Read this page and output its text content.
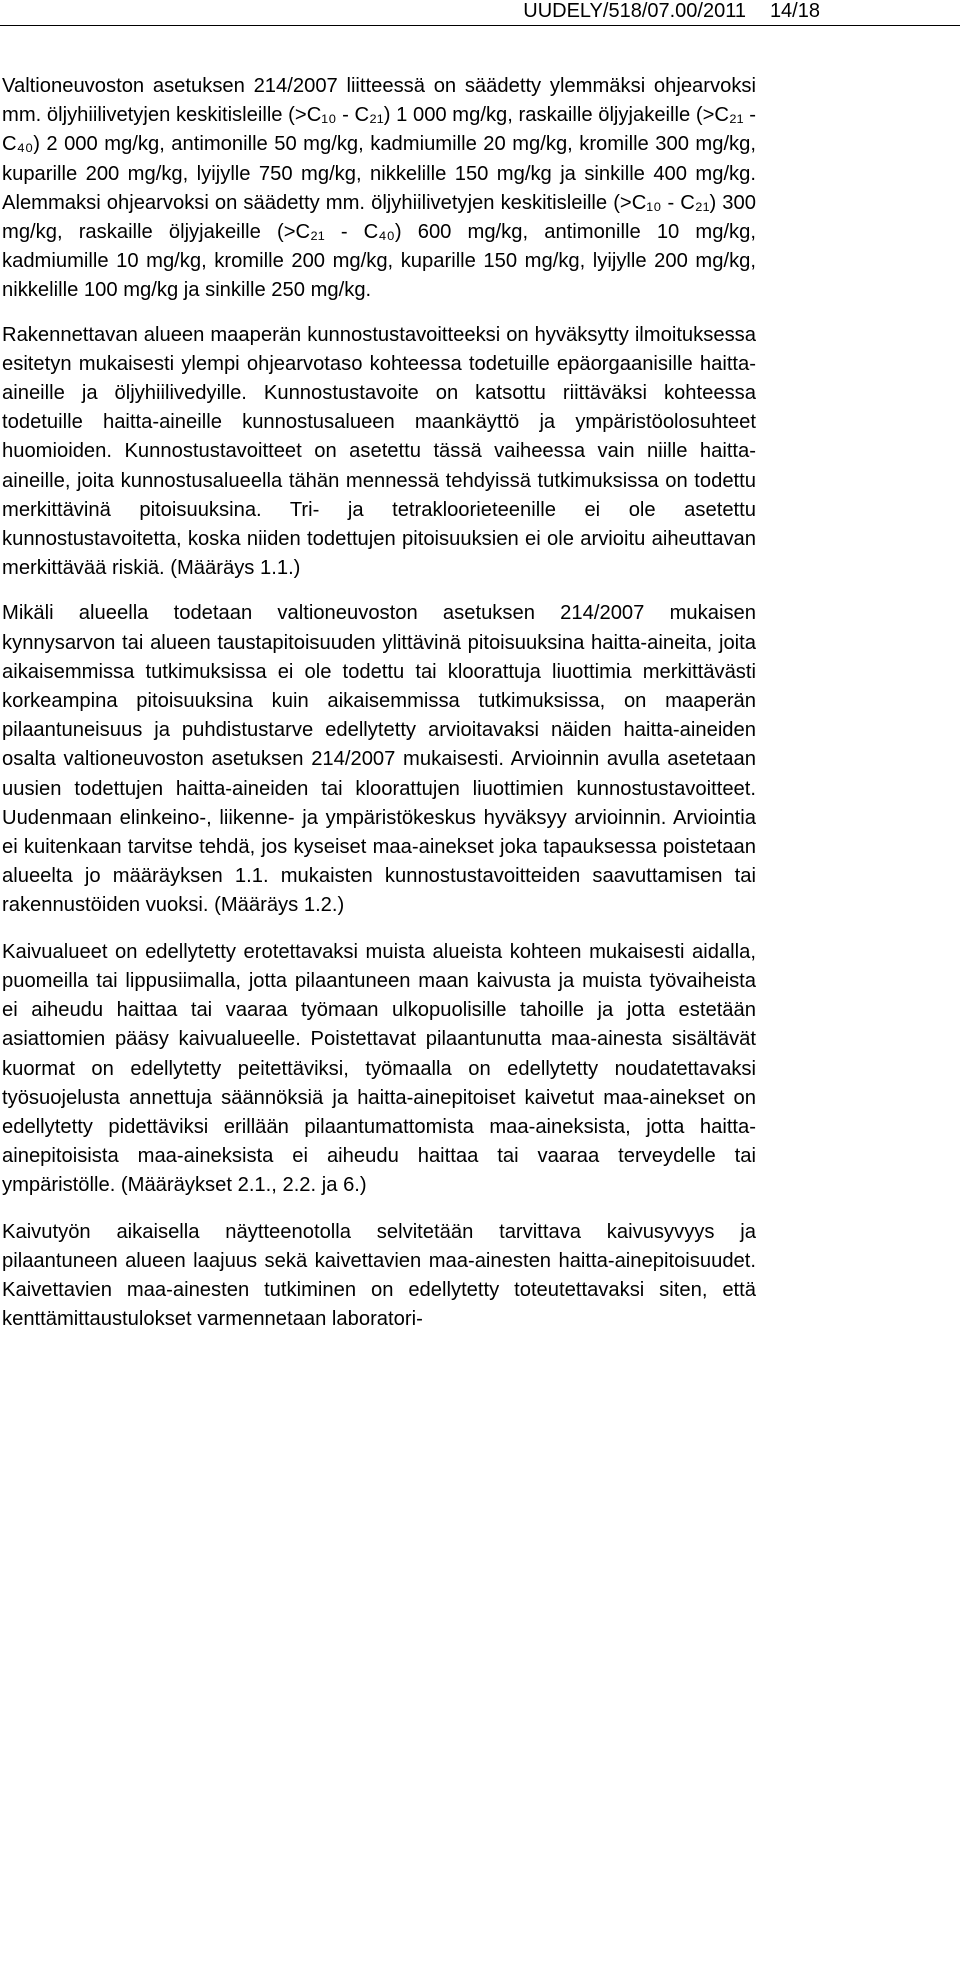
UUDELY/518/07.00/2011 14/18

Valtioneuvoston asetuksen 214/2007 liitteessä on säädetty ylemmäksi ohjearvoksi mm. öljyhiilivetyjen keskitisleille (>C₁₀ - C₂₁) 1 000 mg/kg, raskaille öljyjakeille (>C₂₁ - C₄₀) 2 000 mg/kg, antimonille 50 mg/kg, kadmiumille 20 mg/kg, kromille 300 mg/kg, kuparille 200 mg/kg, lyijylle 750 mg/kg, nikkelille 150 mg/kg ja sinkille 400 mg/kg. Alemmaksi ohjearvoksi on säädetty mm. öljyhiilivetyjen keskitisleille (>C₁₀ - C₂₁) 300 mg/kg, raskaille öljyjakeille (>C₂₁ - C₄₀) 600 mg/kg, antimonille 10 mg/kg, kadmiumille 10 mg/kg, kromille 200 mg/kg, kuparille 150 mg/kg, lyijylle 200 mg/kg, nikkelille 100 mg/kg ja sinkille 250 mg/kg.

Rakennettavan alueen maaperän kunnostustavoitteeksi on hyväksytty ilmoituksessa esitetyn mukaisesti ylempi ohjearvotaso kohteessa todetuille epäorgaanisille haitta-aineille ja öljyhiilivedyille. Kunnostustavoite on katsottu riittäväksi kohteessa todetuille haitta-aineille kunnostusalueen maankäyttö ja ympäristöolosuhteet huomioiden. Kunnostustavoitteet on asetettu tässä vaiheessa vain niille haitta-aineille, joita kunnostusalueella tähän mennessä tehdyissä tutkimuksissa on todettu merkittävinä pitoisuuksina. Tri- ja tetrakloorieteenille ei ole asetettu kunnostustavoitetta, koska niiden todettujen pitoisuuksien ei ole arvioitu aiheuttavan merkittävää riskiä. (Määräys 1.1.)

Mikäli alueella todetaan valtioneuvoston asetuksen 214/2007 mukaisen kynnysarvon tai alueen taustapitoisuuden ylittävinä pitoisuuksina haitta-aineita, joita aikaisemmissa tutkimuksissa ei ole todettu tai kloorattuja liuottimia merkittävästi korkeampina pitoisuuksina kuin aikaisemmissa tutkimuksissa, on maaperän pilaantuneisuus ja puhdistustarve edellytetty arvioitavaksi näiden haitta-aineiden osalta valtioneuvoston asetuksen 214/2007 mukaisesti. Arvioinnin avulla asetetaan uusien todettujen haitta-aineiden tai kloorattujen liuottimien kunnostustavoitteet. Uudenmaan elinkeino-, liikenne- ja ympäristökeskus hyväksyy arvioinnin. Arviointia ei kuitenkaan tarvitse tehdä, jos kyseiset maa-ainekset joka tapauksessa poistetaan alueelta jo määräyksen 1.1. mukaisten kunnostustavoitteiden saavuttamisen tai rakennustöiden vuoksi. (Määräys 1.2.)

Kaivualueet on edellytetty erotettavaksi muista alueista kohteen mukaisesti aidalla, puomeilla tai lippusiimalla, jotta pilaantuneen maan kaivusta ja muista työvaiheista ei aiheudu haittaa tai vaaraa työmaan ulkopuolisille tahoille ja jotta estetään asiattomien pääsy kaivualueelle. Poistettavat pilaantunutta maa-ainesta sisältävät kuormat on edellytetty peitettäviksi, työmaalla on edellytetty noudatettavaksi työsuojelusta annettuja säännöksiä ja haitta-ainepitoiset kaivetut maa-ainekset on edellytetty pidettäviksi erillään pilaantumattomista maa-aineksista, jotta haitta-ainepitoisista maa-aineksista ei aiheudu haittaa tai vaaraa terveydelle tai ympäristölle. (Määräykset 2.1., 2.2. ja 6.)

Kaivutyön aikaisella näytteenotolla selvitetään tarvittava kaivusyvyys ja pilaantuneen alueen laajuus sekä kaivettavien maa-ainesten haitta-ainepitoisuudet. Kaivettavien maa-ainesten tutkiminen on edellytetty toteutettavaksi siten, että kenttämittaustulokset varmennetaan laboratori-
